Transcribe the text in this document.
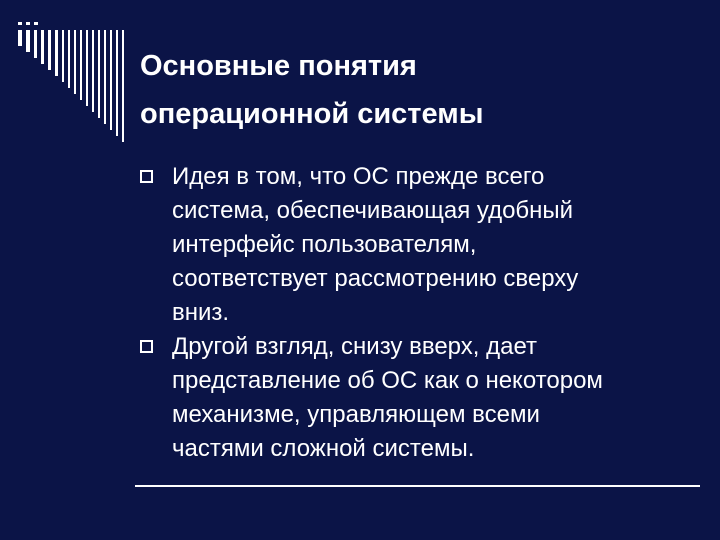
Основные понятия
операционной системы
Идея в том, что ОС прежде всего
система, обеспечивающая удобный
интерфейс пользователям,
соответствует рассмотрению сверху
вниз.
Другой взгляд, снизу вверх, дает
представление об ОС как о некотором
механизме, управляющем всеми
частями сложной системы.
